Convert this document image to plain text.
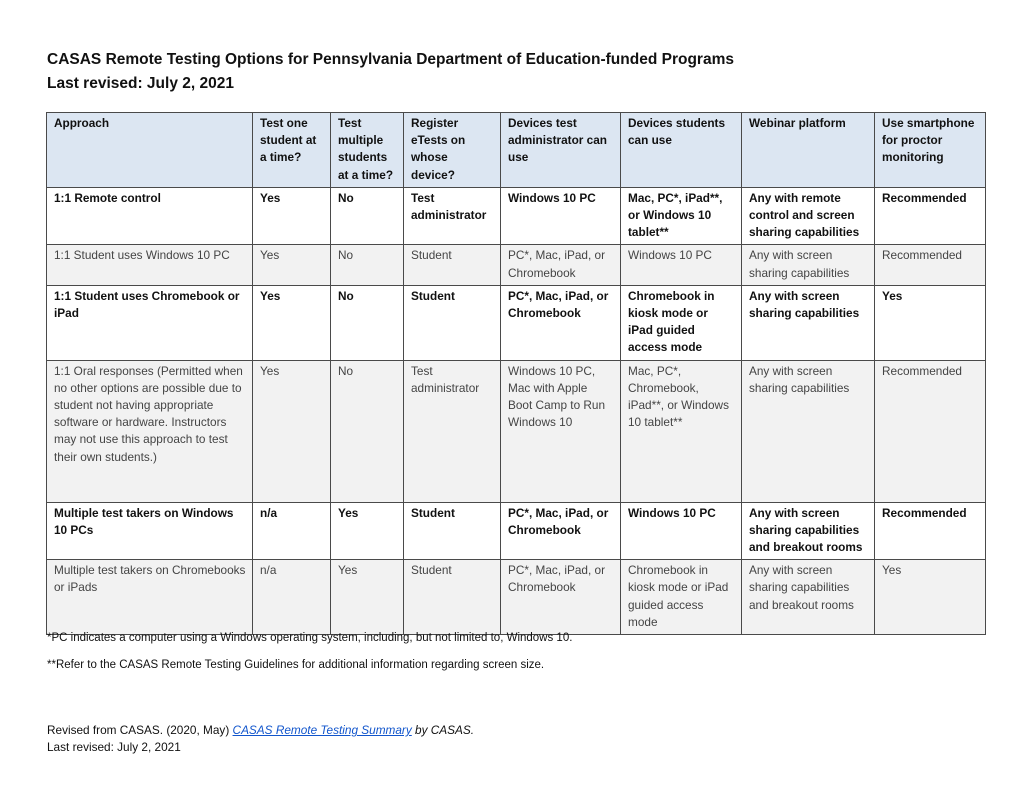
CASAS Remote Testing Options for Pennsylvania Department of Education-funded Programs
Last revised: July 2, 2021
Approach	Test one student at a time?	Test multiple students at a time?	Register eTests on whose device?	Devices test administrator can use	Devices students can use	Webinar platform	Use smartphone for proctor monitoring
1:1 Remote control	Yes	No	Test administrator	Windows 10 PC	Mac, PC*, iPad**, or Windows 10 tablet**	Any with remote control and screen sharing capabilities	Recommended
1:1 Student uses Windows 10 PC	Yes	No	Student	PC*, Mac, iPad, or Chromebook	Windows 10 PC	Any with screen sharing capabilities	Recommended
1:1 Student uses Chromebook or iPad	Yes	No	Student	PC*, Mac, iPad, or Chromebook	Chromebook in kiosk mode or iPad guided access mode	Any with screen sharing capabilities	Yes
1:1 Oral responses (Permitted when no other options are possible due to student not having appropriate software or hardware. Instructors may not use this approach to test their own students.)	Yes	No	Test administrator	Windows 10 PC, Mac with Apple Boot Camp to Run Windows 10	Mac, PC*, Chromebook, iPad**, or Windows 10 tablet**	Any with screen sharing capabilities	Recommended
Multiple test takers on Windows 10 PCs	n/a	Yes	Student	PC*, Mac, iPad, or Chromebook	Windows 10 PC	Any with screen sharing capabilities and breakout rooms	Recommended
Multiple test takers on Chromebooks or iPads	n/a	Yes	Student	PC*, Mac, iPad, or Chromebook	Chromebook in kiosk mode or iPad guided access mode	Any with screen sharing capabilities and breakout rooms	Yes
*PC indicates a computer using a Windows operating system, including, but not limited to, Windows 10.
**Refer to the CASAS Remote Testing Guidelines for additional information regarding screen size.
Revised from CASAS. (2020, May) CASAS Remote Testing Summary by CASAS.
Last revised: July 2, 2021
